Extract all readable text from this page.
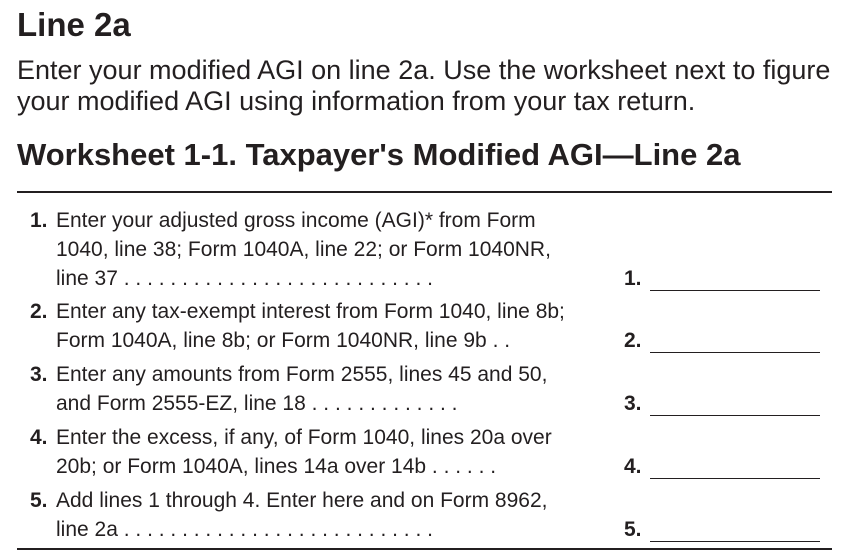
Line 2a

Enter your modified AGI on line 2a. Use the worksheet next to figure your modified AGI using information from your tax return.

Worksheet 1-1. Taxpayer's Modified AGI—Line 2a
1. Enter your adjusted gross income (AGI)* from Form
1040, line 38; Form 1040A, line 22; or Form 1040NR,
line 37 . . . . . . . . . . . . . . . . . . . . . . . . . . .	1.
2. Enter any tax-exempt interest from Form 1040, line 8b;
Form 1040A, line 8b; or Form 1040NR, line 9b . .	2.
3. Enter any amounts from Form 2555, lines 45 and 50,
and Form 2555-EZ, line 18 . . . . . . . . . . . . .	3.
4. Enter the excess, if any, of Form 1040, lines 20a over
20b; or Form 1040A, lines 14a over 14b . . . . . .	4.
5. Add lines 1 through 4. Enter here and on Form 8962,
line 2a . . . . . . . . . . . . . . . . . . . . . . . . . . .	5.
